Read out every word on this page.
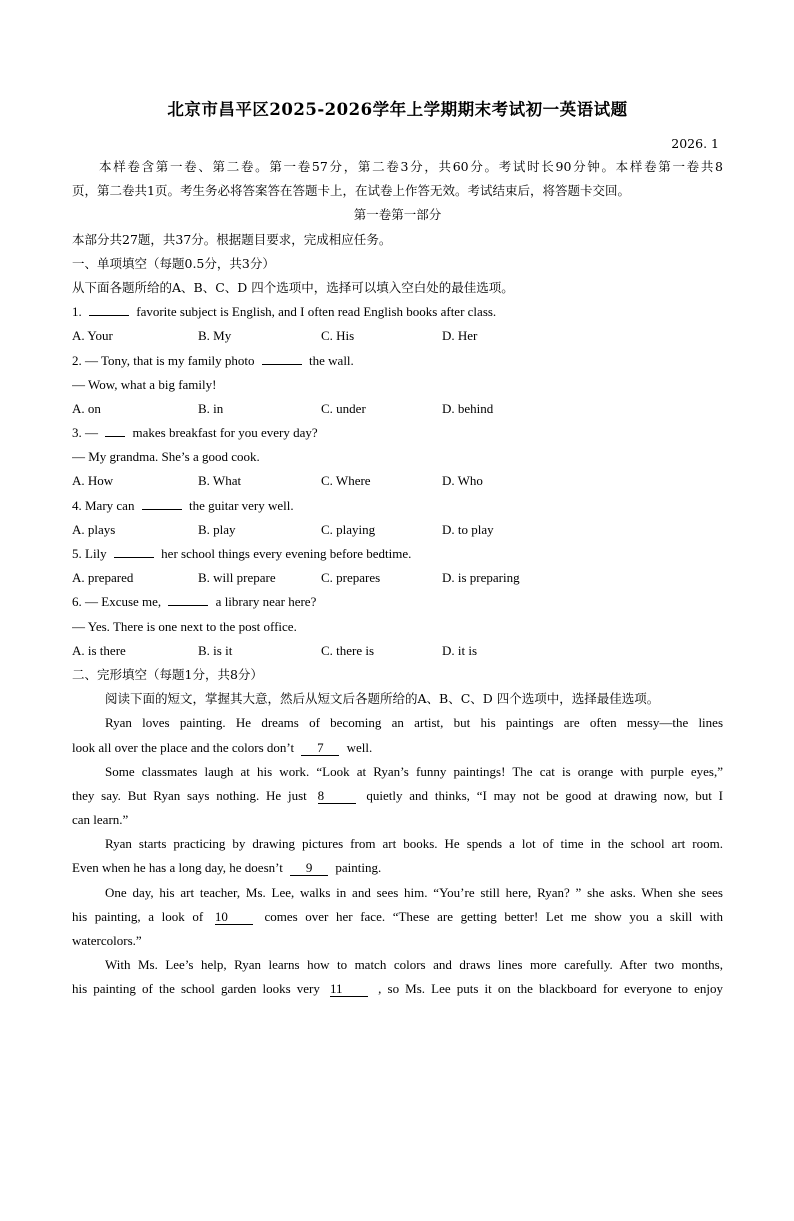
北京市昌平区2025-2026学年上学期期末考试初一英语试题
2026. 1
本样卷含第一卷、第二卷。第一卷57分，第二卷3分，共60分。考试时长90分钟。本样卷第一卷共8
页，第二卷共1页。考生务必将答案答在答题卡上，在试卷上作答无效。考试结束后，将答题卡交回。
第一卷第一部分
本部分共27题，共37分。根据题目要求，完成相应任务。
一、单项填空（每题0.5分，共3分）
从下面各题所给的A、B、C、D 四个选项中，选择可以填入空白处的最佳选项。
1.	favorite subject is English, and I often read English books after class.
A. Your	B. My	C. His	D. Her
2. — Tony, that is my family photo	the wall.
— Wow, what a big family!
A. on	B. in	C. under	D. behind
3. —	makes breakfast for you every day?
— My grandma. She’s a good cook.
A. How	B. What	C. Where	D. Who
4. Mary can	the guitar very well.
A. plays	B. play	C. playing	D. to play
5. Lily	her school things every evening before bedtime.
A. prepared	B. will prepare	C. prepares	D. is preparing
6. — Excuse me,	a library near here?
— Yes. There is one next to the post office.
A. is there	B. is it	C. there is	D. it is
二、完形填空（每题1分，共8分）
阅读下面的短文，掌握其大意，然后从短文后各题所给的A、B、C、D 四个选项中，选择最佳选项。
Ryan loves painting. He dreams of becoming an artist, but his paintings are often messy—the lines
look all over the place and the colors don’t 7 well.
Some classmates laugh at his work. “Look at Ryan’s funny paintings! The cat is orange with purple eyes,”
they say. But Ryan says nothing. He just 8	quietly and thinks, “I may not be good at drawing now, but I
can learn.”
Ryan starts practicing by drawing pictures from art books. He spends a lot of time in the school art room.
Even when he has a long day, he doesn’t 9 painting.
One day, his art teacher, Ms. Lee, walks in and sees him. “You’re still here, Ryan? ” she asks. When she sees
his painting, a look of 10	comes over her face. “These are getting better! Let me show you a skill with
watercolors.”
With Ms. Lee’s help, Ryan learns how to match colors and draws lines more carefully. After two months,
his painting of the school garden looks very 11	, so Ms. Lee puts it on the blackboard for everyone to enjoy
